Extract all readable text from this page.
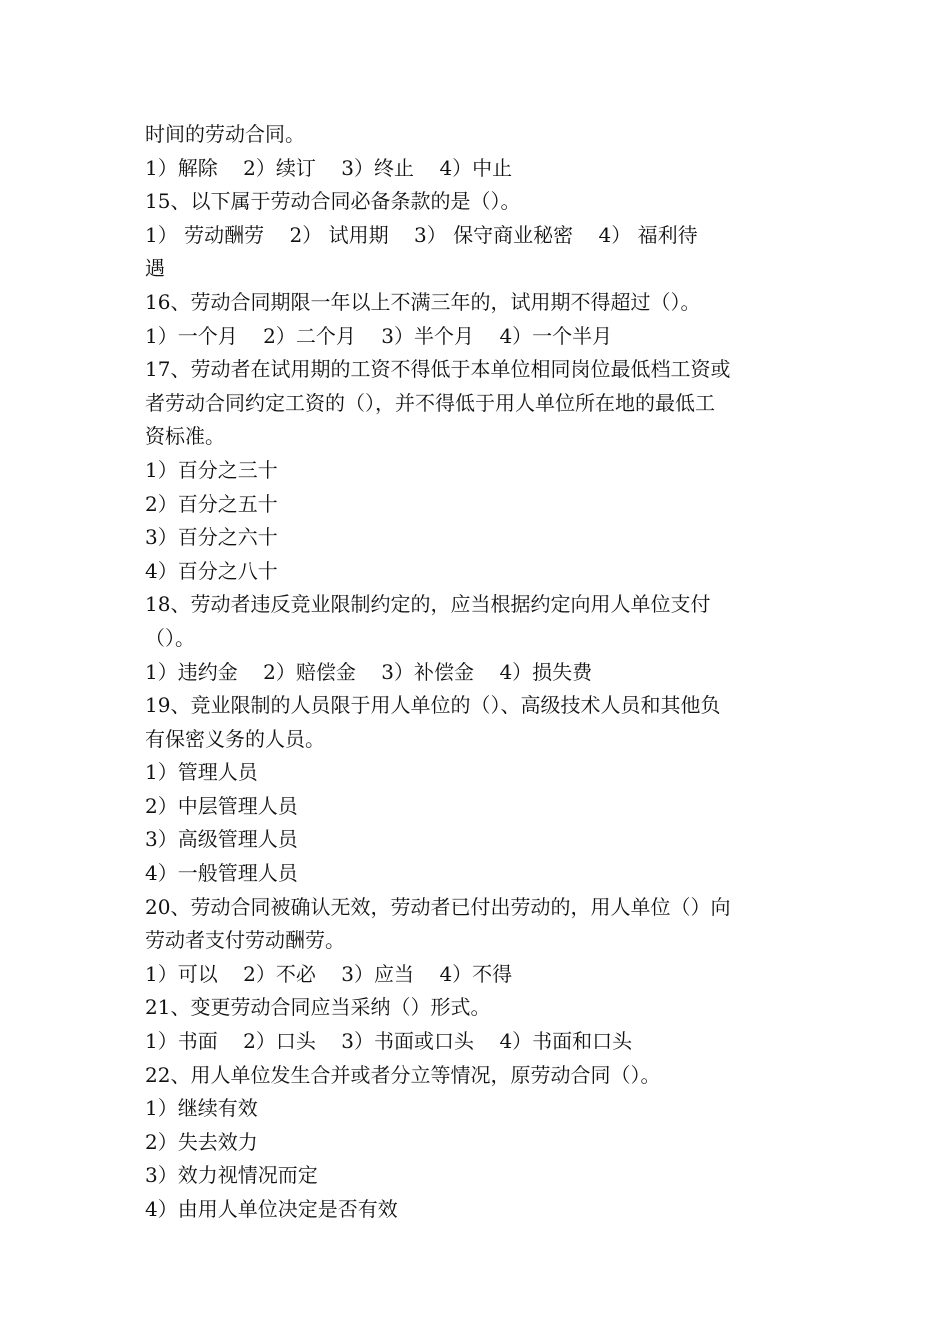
时间的劳动合同。
1）解除    2）续订    3）终止    4）中止
15、以下属于劳动合同必备条款的是（）。
1） 劳动酬劳    2） 试用期    3） 保守商业秘密    4） 福利待
遇
16、劳动合同期限一年以上不满三年的，试用期不得超过（）。
1）一个月    2）二个月    3）半个月    4）一个半月
17、劳动者在试用期的工资不得低于本单位相同岗位最低档工资或
者劳动合同约定工资的（），并不得低于用人单位所在地的最低工
资标准。
1）百分之三十
2）百分之五十
3）百分之六十
4）百分之八十
18、劳动者违反竞业限制约定的，应当根据约定向用人单位支付
（）。
1）违约金    2）赔偿金    3）补偿金    4）损失费
19、竞业限制的人员限于用人单位的（）、高级技术人员和其他负
有保密义务的人员。
1）管理人员
2）中层管理人员
3）高级管理人员
4）一般管理人员
20、劳动合同被确认无效，劳动者已付出劳动的，用人单位（）向
劳动者支付劳动酬劳。
1）可以    2）不必    3）应当    4）不得
21、变更劳动合同应当采纳（）形式。
1）书面    2）口头    3）书面或口头    4）书面和口头
22、用人单位发生合并或者分立等情况，原劳动合同（）。
1）继续有效
2）失去效力
3）效力视情况而定
4）由用人单位决定是否有效
